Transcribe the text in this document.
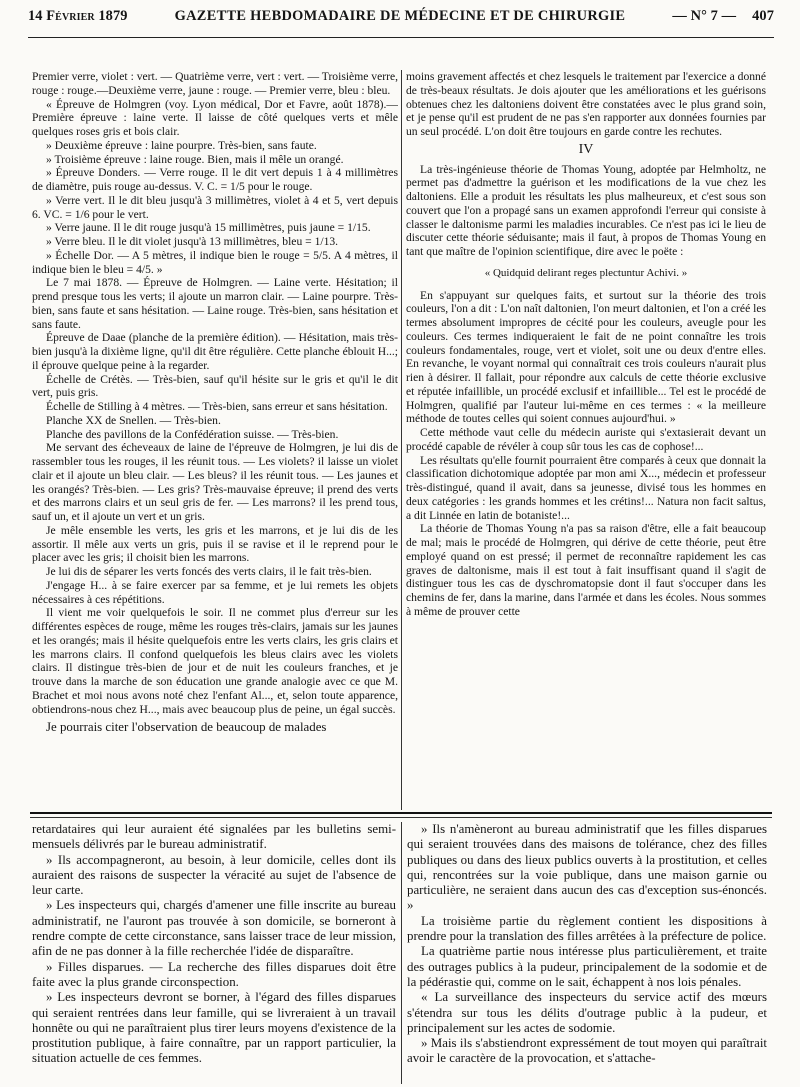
14 Février 1879	GAZETTE HEBDOMADAIRE DE MÉDECINE ET DE CHIRURGIE	— N° 7 — 407

Premier verre, violet : vert. — Quatrième verre, vert : vert. — Troisième verre, rouge : rouge.—Deuxième verre, jaune : rouge. — Premier verre, bleu : bleu.

« Épreuve de Holmgren (voy. Lyon médical, Dor et Favre, août 1878).— Première épreuve : laine verte. Il laisse de côté quelques verts et mêle quelques roses gris et bois clair.

» Deuxième épreuve : laine pourpre. Très-bien, sans faute.

» Troisième épreuve : laine rouge. Bien, mais il mêle un orangé.

» Épreuve Donders. — Verre rouge. Il le dit vert depuis 1 à 4 millimètres de diamètre, puis rouge au-dessus. V. C. = 1/5 pour le rouge.

» Verre vert. Il le dit bleu jusqu'à 3 millimètres, violet à 4 et 5, vert depuis 6. VC. = 1/6 pour le vert.

» Verre jaune. Il le dit rouge jusqu'à 15 millimètres, puis jaune = 1/15.

» Verre bleu. Il le dit violet jusqu'à 13 millimètres, bleu = 1/13.

» Échelle Dor. — A 5 mètres, il indique bien le rouge = 5/5. A 4 mètres, il indique bien le bleu = 4/5. »

Le 7 mai 1878. — Épreuve de Holmgren. — Laine verte. Hésitation; il prend presque tous les verts; il ajoute un marron clair. — Laine pourpre. Très-bien, sans faute et sans hésitation. — Laine rouge. Très-bien, sans hésitation et sans faute.

Épreuve de Daae (planche de la première édition). — Hésitation, mais très-bien jusqu'à la dixième ligne, qu'il dit être régulière. Cette planche éblouit H...; il éprouve quelque peine à la regarder.

Échelle de Crétès. — Très-bien, sauf qu'il hésite sur le gris et qu'il le dit vert, puis gris.

Échelle de Stilling à 4 mètres. — Très-bien, sans erreur et sans hésitation.

Planche XX de Snellen. — Très-bien.

Planche des pavillons de la Confédération suisse. — Très-bien.

Me servant des écheveaux de laine de l'épreuve de Holmgren, je lui dis de rassembler tous les rouges, il les réunit tous. — Les violets? il laisse un violet clair et il ajoute un bleu clair. — Les bleus? il les réunit tous. — Les jaunes et les orangés? Très-bien. — Les gris? Très-mauvaise épreuve; il prend des verts et des marrons clairs et un seul gris de fer. — Les marrons? il les prend tous, sauf un, et il ajoute un vert et un gris.

Je mêle ensemble les verts, les gris et les marrons, et je lui dis de les assortir. Il mêle aux verts un gris, puis il se ravise et il le reprend pour le placer avec les gris; il choisit bien les marrons.

Je lui dis de séparer les verts foncés des verts clairs, il le fait très-bien.

J'engage H... à se faire exercer par sa femme, et je lui remets les objets nécessaires à ces répétitions.

Il vient me voir quelquefois le soir. Il ne commet plus d'erreur sur les différentes espèces de rouge, même les rouges très-clairs, jamais sur les jaunes et les orangés; mais il hésite quelquefois entre les verts clairs, les gris clairs et les marrons clairs. Il confond quelquefois les bleus clairs avec les violets clairs. Il distingue très-bien de jour et de nuit les couleurs franches, et je trouve dans la marche de son éducation une grande analogie avec ce que M. Brachet et moi nous avons noté chez l'enfant Al..., et, selon toute apparence, obtiendrons-nous chez H..., mais avec beaucoup plus de peine, un égal succès.

Je pourrais citer l'observation de beaucoup de malades

moins gravement affectés et chez lesquels le traitement par l'exercice a donné de très-beaux résultats. Je dois ajouter que les améliorations et les guérisons obtenues chez les daltoniens doivent être constatées avec le plus grand soin, et je pense qu'il est prudent de ne pas s'en rapporter aux données fournies par un seul procédé. L'on doit être toujours en garde contre les rechutes.

IV

La très-ingénieuse théorie de Thomas Young, adoptée par Helmholtz, ne permet pas d'admettre la guérison et les modifications de la vue chez les daltoniens. Elle a produit les résultats les plus malheureux, et c'est sous son couvert que l'on a propagé sans un examen approfondi l'erreur qui consiste à classer le daltonisme parmi les maladies incurables. Ce n'est pas ici le lieu de discuter cette théorie séduisante; mais il faut, à propos de Thomas Young en tant que maître de l'opinion scientifique, dire avec le poëte :

« Quidquid delirant reges plectuntur Achivi. »

En s'appuyant sur quelques faits, et surtout sur la théorie des trois couleurs, l'on a dit : L'on naît daltonien, l'on meurt daltonien, et l'on a créé les termes absolument impropres de cécité pour les couleurs, aveugle pour les couleurs. Ces termes indiqueraient le fait de ne point connaître les trois couleurs fondamentales, rouge, vert et violet, soit une ou deux d'entre elles. En revanche, le voyant normal qui connaîtrait ces trois couleurs n'aurait plus rien à désirer. Il fallait, pour répondre aux calculs de cette théorie exclusive et réputée infaillible, un procédé exclusif et infaillible... Tel est le procédé de Holmgren, qualifié par l'auteur lui-même en ces termes : « la meilleure méthode de toutes celles qui soient connues aujourd'hui. »

Cette méthode vaut celle du médecin auriste qui s'extasierait devant un procédé capable de révéler à coup sûr tous les cas de cophose!...

Les résultats qu'elle fournit pourraient être comparés à ceux que donnait la classification dichotomique adoptée par mon ami X..., médecin et professeur très-distingué, quand il avait, dans sa jeunesse, divisé tous les hommes en deux catégories : les grands hommes et les crétins!... Natura non facit saltus, a dit Linnée en latin de botaniste!...

La théorie de Thomas Young n'a pas sa raison d'être, elle a fait beaucoup de mal; mais le procédé de Holmgren, qui dérive de cette théorie, peut être employé quand on est pressé; il permet de reconnaître rapidement les cas graves de daltonisme, mais il est tout à fait insuffisant quand il s'agit de distinguer tous les cas de dyschromatopsie dont il faut s'occuper dans les chemins de fer, dans la marine, dans l'armée et dans les écoles. Nous sommes à même de prouver cette

retardataires qui leur auraient été signalées par les bulletins semi-mensuels délivrés par le bureau administratif.

» Ils accompagneront, au besoin, à leur domicile, celles dont ils auraient des raisons de suspecter la véracité au sujet de l'absence de leur carte.

» Les inspecteurs qui, chargés d'amener une fille inscrite au bureau administratif, ne l'auront pas trouvée à son domicile, se borneront à rendre compte de cette circonstance, sans laisser trace de leur mission, afin de ne pas donner à la fille recherchée l'idée de disparaître.

» Filles disparues. — La recherche des filles disparues doit être faite avec la plus grande circonspection.

» Les inspecteurs devront se borner, à l'égard des filles disparues qui seraient rentrées dans leur famille, qui se livreraient à un travail honnête ou qui ne paraîtraient plus tirer leurs moyens d'existence de la prostitution publique, à faire connaître, par un rapport particulier, la situation actuelle de ces femmes.

» Ils n'amèneront au bureau administratif que les filles disparues qui seraient trouvées dans des maisons de tolérance, chez des filles publiques ou dans des lieux publics ouverts à la prostitution, et celles qui, rencontrées sur la voie publique, dans une maison garnie ou particulière, ne seraient dans aucun des cas d'exception sus-énoncés. »

La troisième partie du règlement contient les dispositions à prendre pour la translation des filles arrêtées à la préfecture de police.

La quatrième partie nous intéresse plus particulièrement, et traite des outrages publics à la pudeur, principalement de la sodomie et de la pédérastie qui, comme on le sait, échappent à nos lois pénales.

« La surveillance des inspecteurs du service actif des mœurs s'étendra sur tous les délits d'outrage public à la pudeur, et principalement sur les actes de sodomie.

» Mais ils s'abstiendront expressément de tout moyen qui paraîtrait avoir le caractère de la provocation, et s'attache-
